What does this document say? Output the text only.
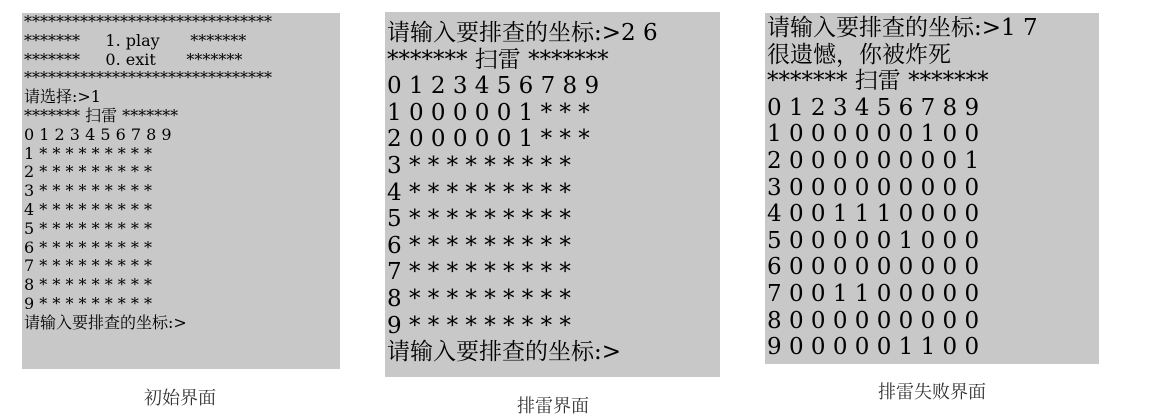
*******************************
*******     1. play      *******
*******     0. exit      *******
*******************************
请选择:>1
******* 扫雷 *******
0 1 2 3 4 5 6 7 8 9
1 * * * * * * * * *
2 * * * * * * * * *
3 * * * * * * * * *
4 * * * * * * * * *
5 * * * * * * * * *
6 * * * * * * * * *
7 * * * * * * * * *
8 * * * * * * * * *
9 * * * * * * * * *
请输入要排查的坐标:>
请输入要排查的坐标:>2 6
******* 扫雷 *******
0 1 2 3 4 5 6 7 8 9
1 0 0 0 0 0 1 * * *
2 0 0 0 0 0 1 * * *
3 * * * * * * * * *
4 * * * * * * * * *
5 * * * * * * * * *
6 * * * * * * * * *
7 * * * * * * * * *
8 * * * * * * * * *
9 * * * * * * * * *
请输入要排查的坐标:>
请输入要排查的坐标:>1 7
很遗憾，你被炸死
******* 扫雷 *******
0 1 2 3 4 5 6 7 8 9
1 0 0 0 0 0 0 1 0 0
2 0 0 0 0 0 0 0 0 1
3 0 0 0 0 0 0 0 0 0
4 0 0 1 1 1 0 0 0 0
5 0 0 0 0 0 1 0 0 0
6 0 0 0 0 0 0 0 0 0
7 0 0 1 1 0 0 0 0 0
8 0 0 0 0 0 0 0 0 0
9 0 0 0 0 0 1 1 0 0
初始界面	排雷界面
排雷失败界面
